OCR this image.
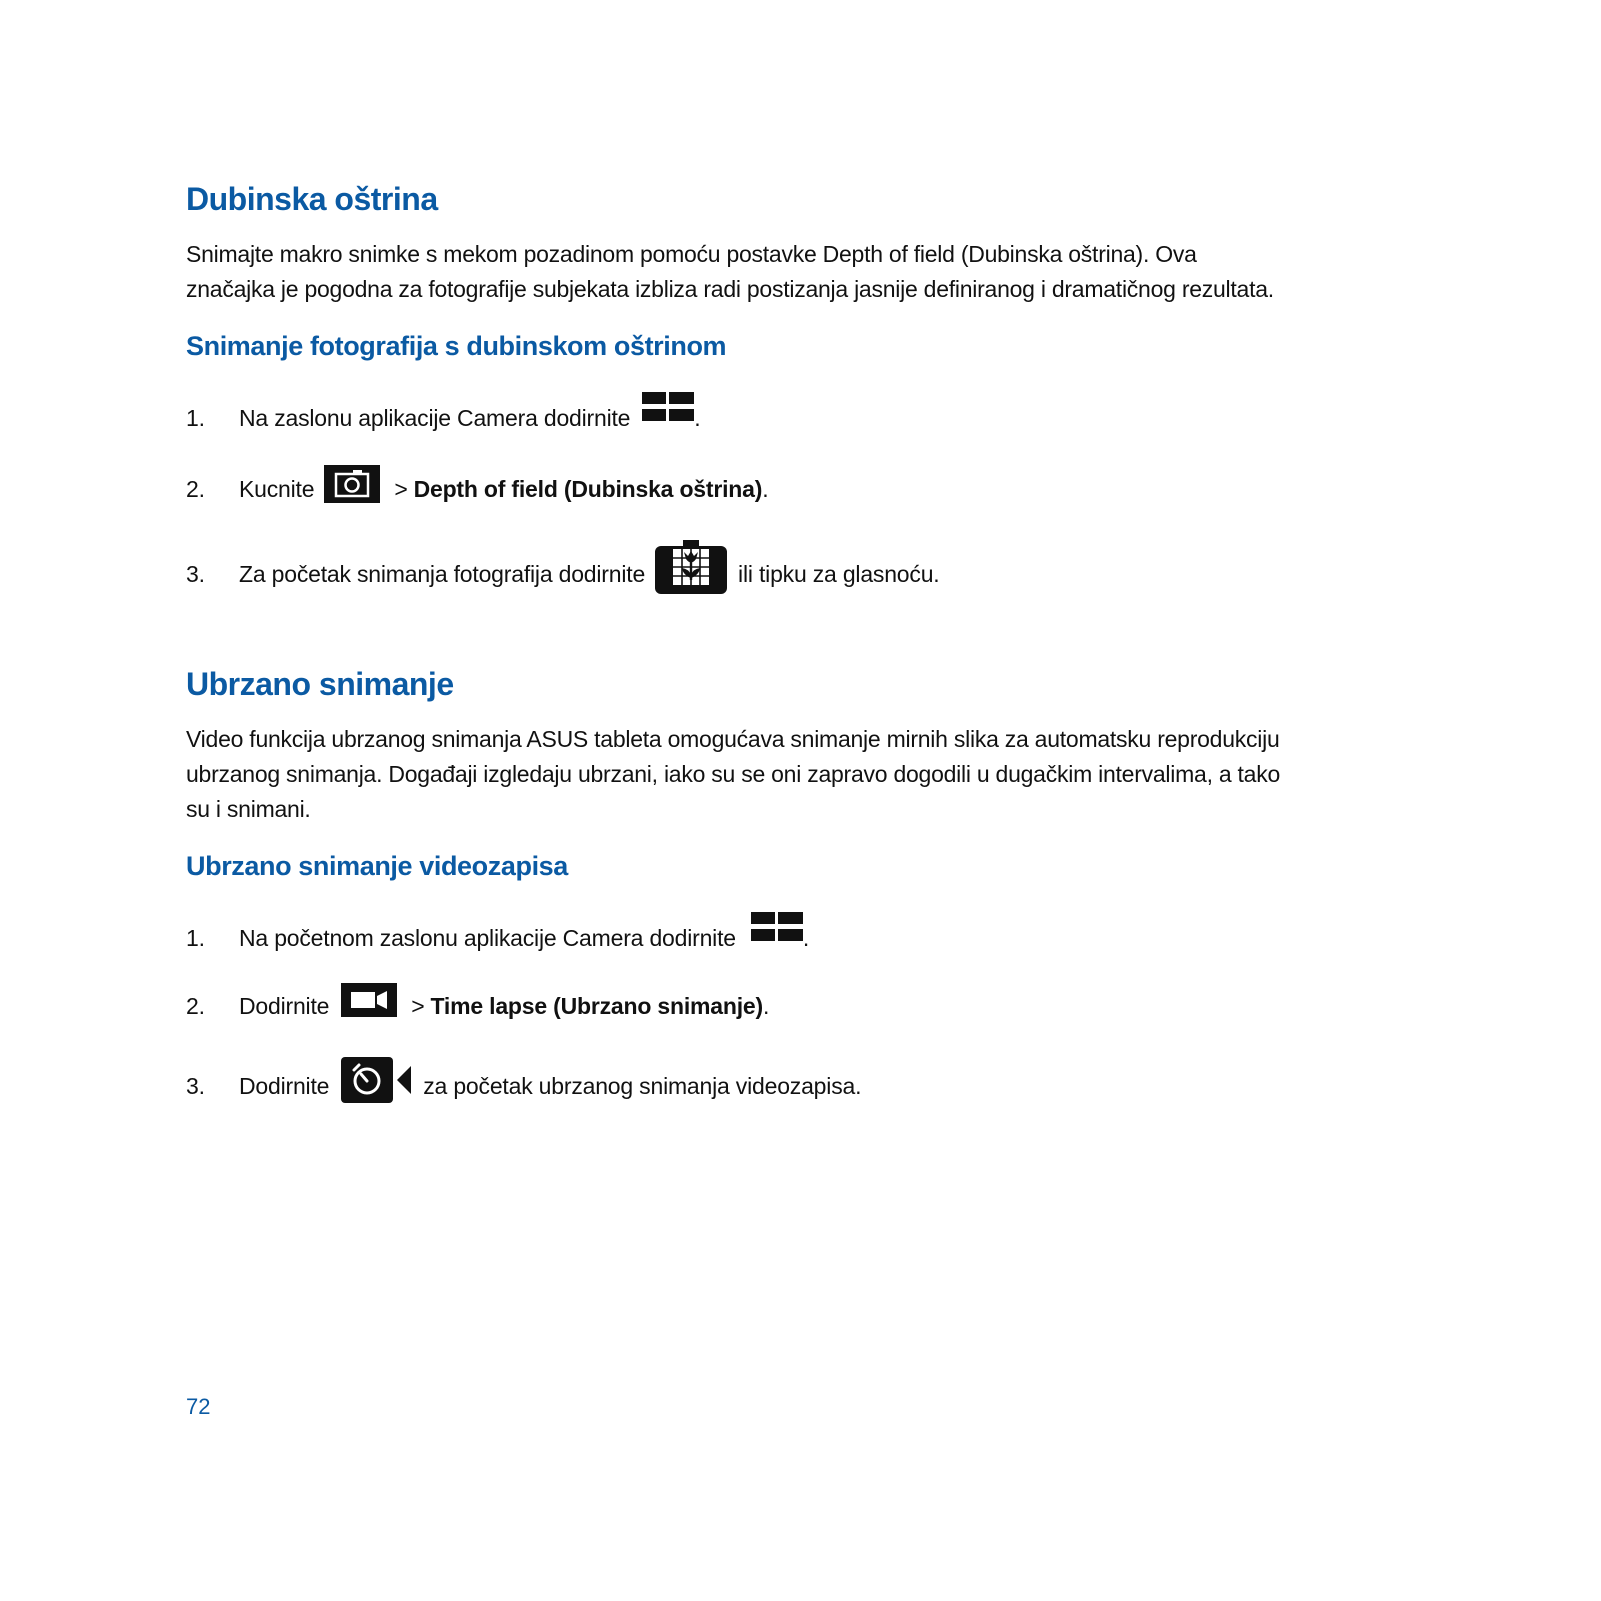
Dubinska oštrina
Snimajte makro snimke s mekom pozadinom pomoću postavke Depth of field (Dubinska oštrina). Ova
značajka je pogodna za fotografije subjekata izbliza radi postizanja jasnije definiranog i dramatičnog rezultata.
Snimanje fotografija s dubinskom oštrinom
1. Na zaslonu aplikacije Camera dodirnite	.
2. Kucnite	> Depth of field (Dubinska oštrina) .
3. Za početak snimanja fotografija dodirnite	ili tipku za glasnoću.
Ubrzano snimanje
Video funkcija ubrzanog snimanja ASUS tableta omogućava snimanje mirnih slika za automatsku reprodukciju
ubrzanog snimanja. Događaji izgledaju ubrzani, iako su se oni zapravo dogodili u dugačkim intervalima, a tako
su i snimani.
Ubrzano snimanje videozapisa
1. Na početnom zaslonu aplikacije Camera dodirnite	.
2. Dodirnite	> Time lapse (Ubrzano snimanje) .
3. Dodirnite	za početak ubrzanog snimanja videozapisa.
72
